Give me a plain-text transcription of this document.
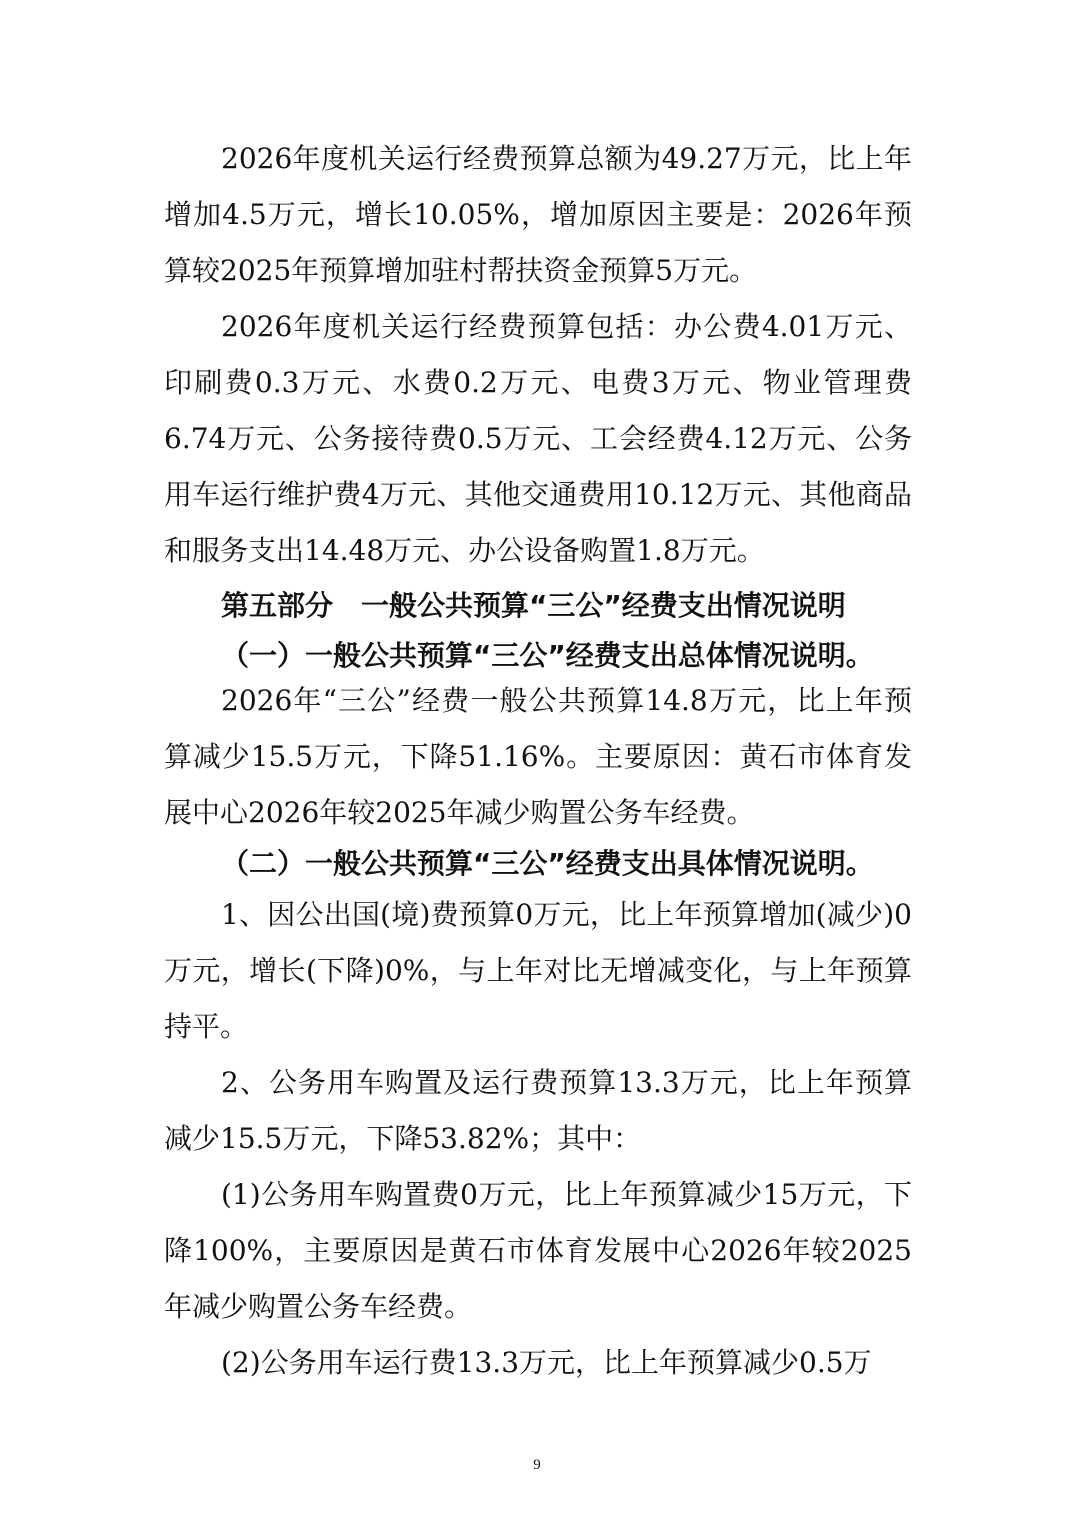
2026年度机关运行经费预算总额为49.27万元，比上年增加4.5万元，增长10.05%，增加原因主要是：2026年预算较2025年预算增加驻村帮扶资金预算5万元。

2026年度机关运行经费预算包括：办公费4.01万元、印刷费0.3万元、水费0.2万元、电费3万元、物业管理费6.74万元、公务接待费0.5万元、工会经费4.12万元、公务用车运行维护费4万元、其他交通费用10.12万元、其他商品和服务支出14.48万元、办公设备购置1.8万元。

第五部分　一般公共预算“三公”经费支出情况说明
（一）一般公共预算“三公”经费支出总体情况说明。

2026年“三公”经费一般公共预算14.8万元，比上年预算减少15.5万元，下降51.16%。主要原因：黄石市体育发展中心2026年较2025年减少购置公务车经费。

（二）一般公共预算“三公”经费支出具体情况说明。

1、因公出国(境)费预算0万元，比上年预算增加(减少)0万元，增长(下降)0%，与上年对比无增减变化，与上年预算持平。

2、公务用车购置及运行费预算13.3万元，比上年预算减少15.5万元，下降53.82%；其中：

(1)公务用车购置费0万元，比上年预算减少15万元，下降100%，主要原因是黄石市体育发展中心2026年较2025年减少购置公务车经费。

(2)公务用车运行费13.3万元，比上年预算减少0.5万

9
